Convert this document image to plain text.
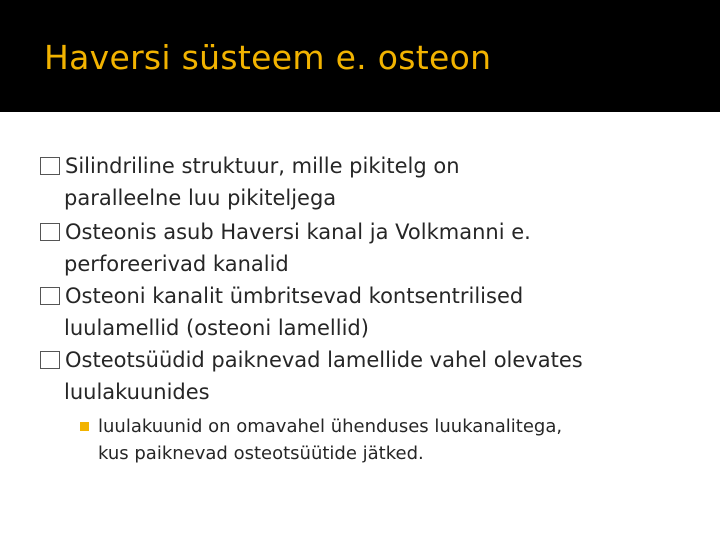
Haversi süsteem e. osteon
Silindriline struktuur, mille pikitelg on
paralleelne luu pikiteljega
Osteonis asub Haversi kanal ja Volkmanni e.
perforeerivad kanalid
Osteoni kanalit ümbritsevad kontsentrilised
luulamellid (osteoni lamellid)
Osteotsüüdid paiknevad lamellide vahel olevates
luulakuunides
luulakuunid on omavahel ühenduses luukanalitega,
kus paiknevad osteotsüütide jätked.
